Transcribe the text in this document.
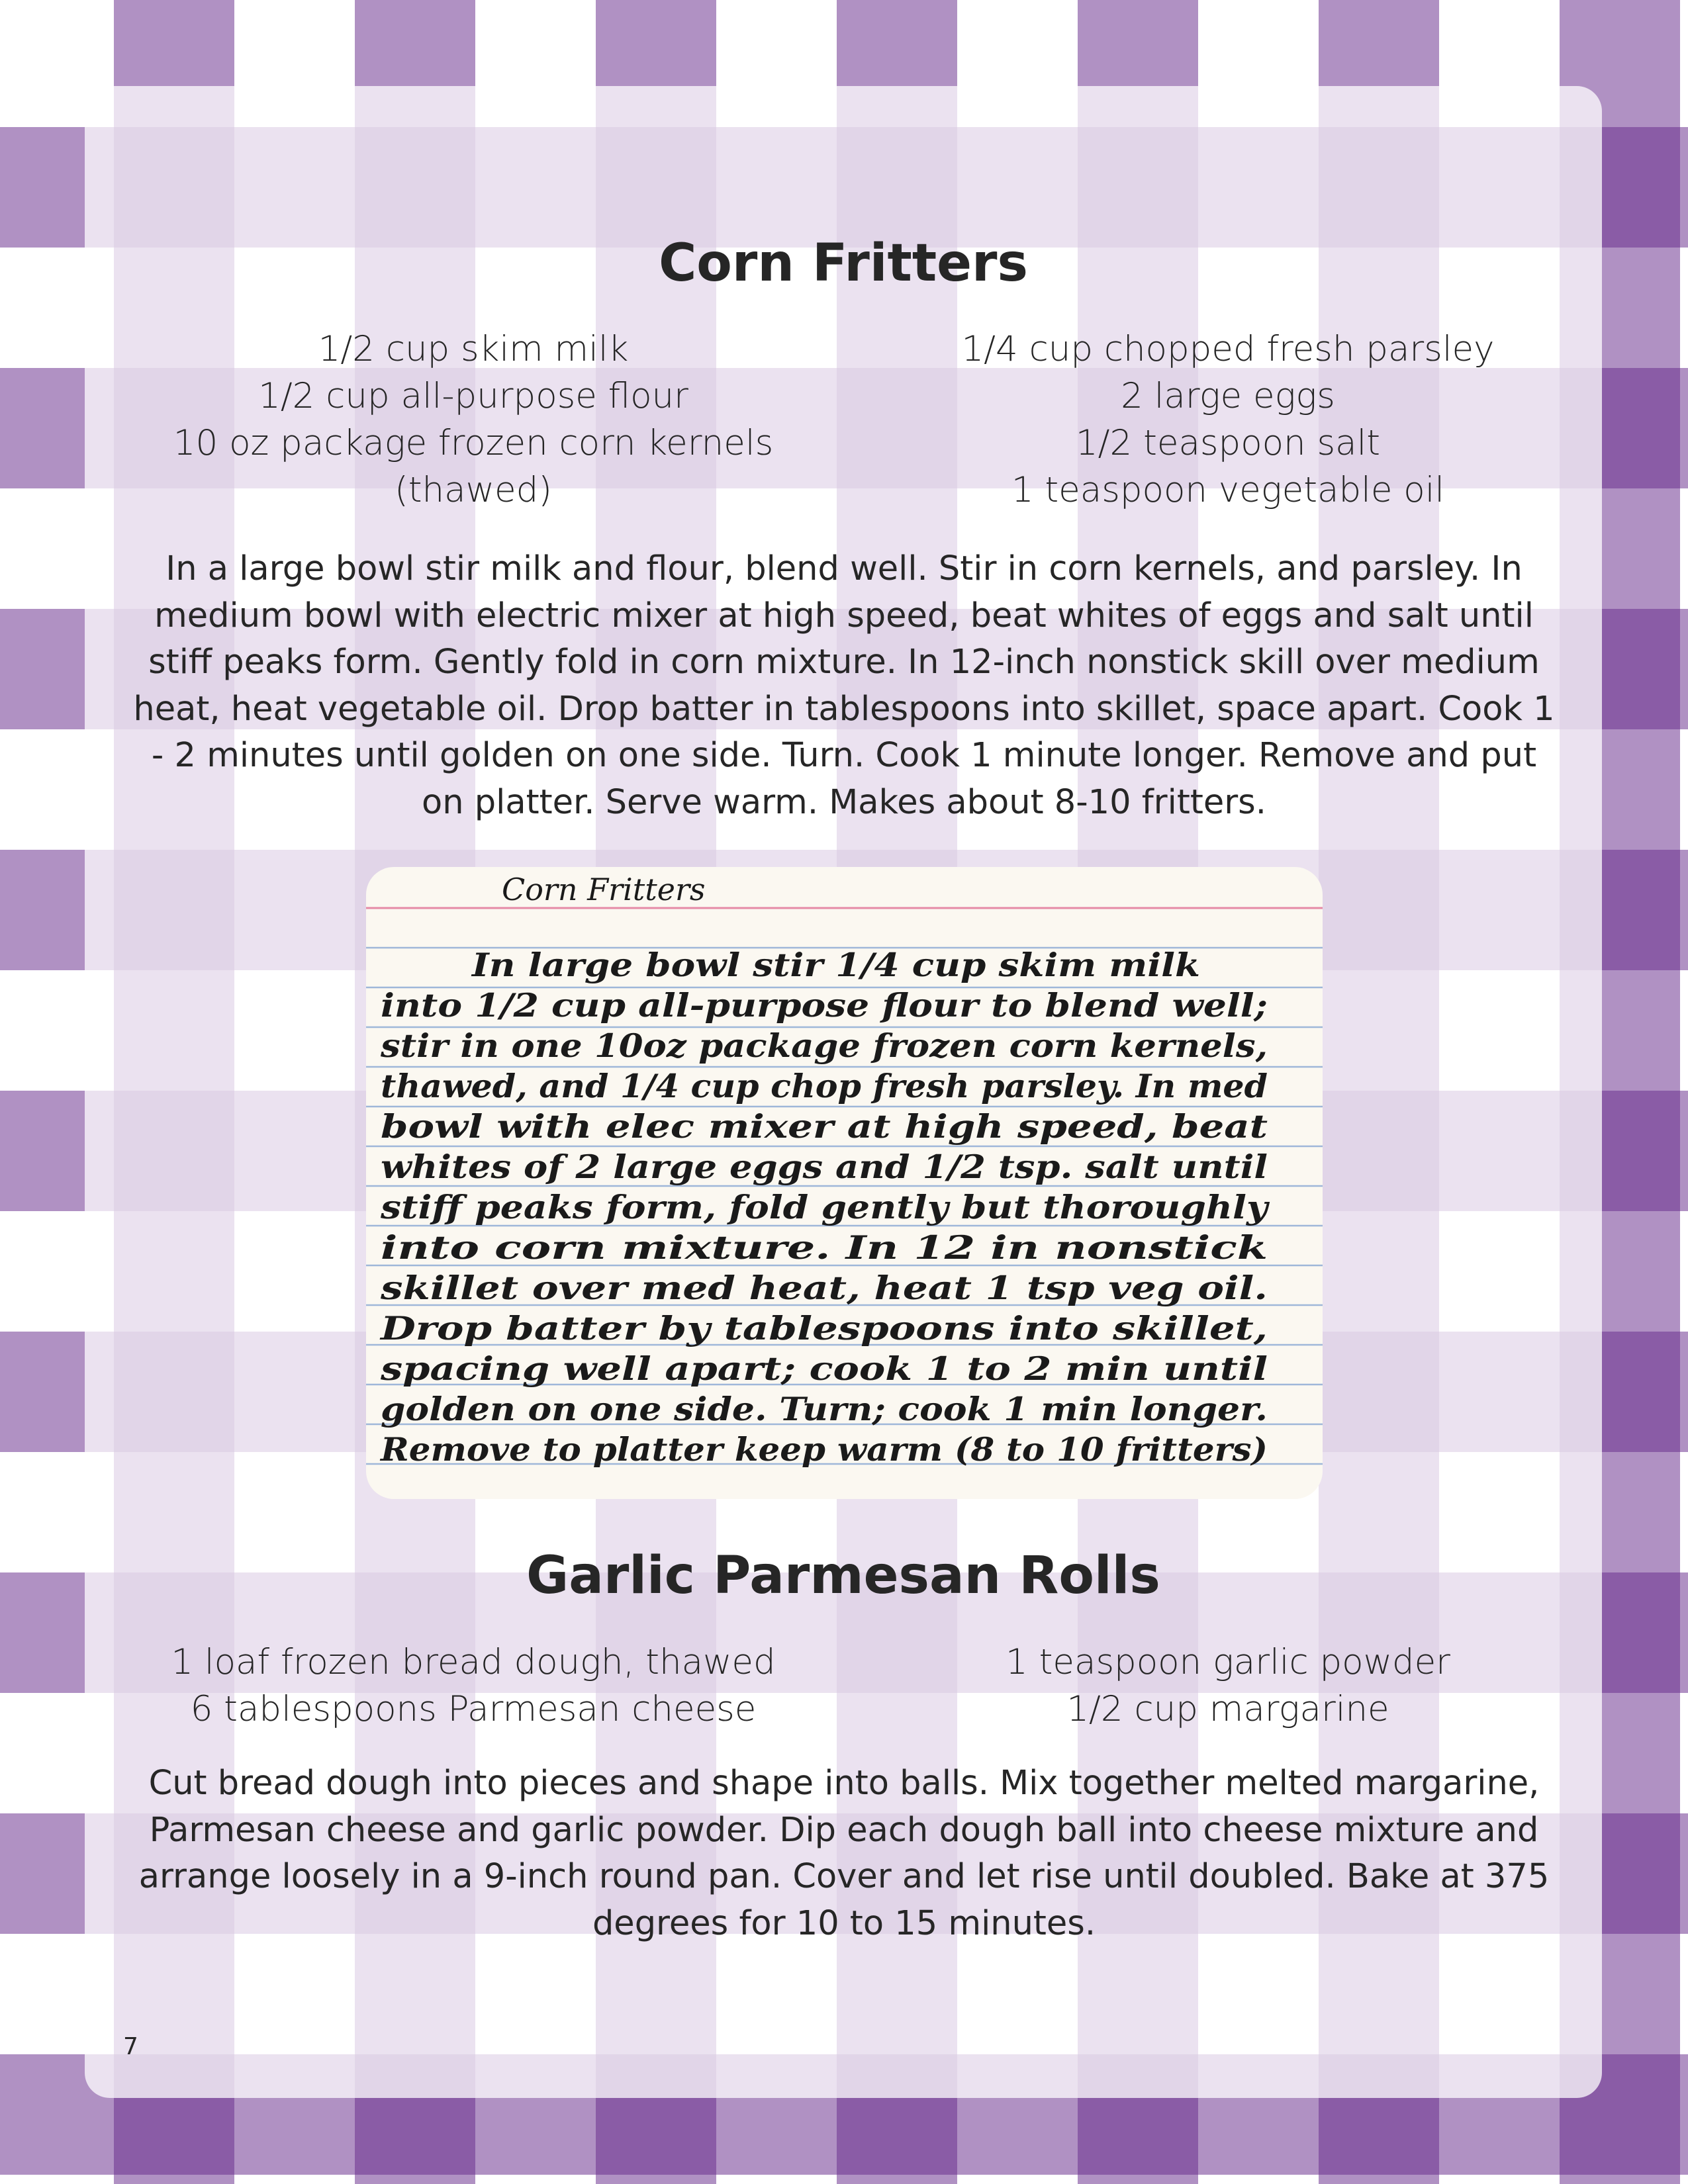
Corn Fritters
1/2 cup skim milk
1/2 cup all-purpose flour
10 oz package frozen corn kernels
(thawed)
1/4 cup chopped fresh parsley
2 large eggs
1/2 teaspoon salt
1 teaspoon vegetable oil

In a large bowl stir milk and flour, blend well. Stir in corn kernels, and parsley. In medium bowl with electric mixer at high speed, beat whites of eggs and salt until stiff peaks form. Gently fold in corn mixture. In 12-inch nonstick skill over medium heat, heat vegetable oil. Drop batter in tablespoons into skillet, space apart. Cook 1 - 2 minutes until golden on one side. Turn. Cook 1 minute longer. Remove and put on platter. Serve warm. Makes about 8-10 fritters.

Corn Fritters
In large bowl stir 1/4 cup skim milk
into 1/2 cup all-purpose flour to blend well;
stir in one 10oz package frozen corn kernels,
thawed, and 1/4 cup chop fresh parsley. In med
bowl with elec mixer at high speed, beat
whites of 2 large eggs and 1/2 tsp. salt until
stiff peaks form, fold gently but thoroughly
into corn mixture. In 12 in nonstick
skillet over med heat, heat 1 tsp veg oil.
Drop batter by tablespoons into skillet,
spacing well apart; cook 1 to 2 min until
golden on one side. Turn; cook 1 min longer.
Remove to platter keep warm (8 to 10 fritters)
Garlic Parmesan Rolls
1 loaf frozen bread dough, thawed
6 tablespoons Parmesan cheese
1 teaspoon garlic powder
1/2 cup margarine

Cut bread dough into pieces and shape into balls. Mix together melted margarine, Parmesan cheese and garlic powder. Dip each dough ball into cheese mixture and arrange loosely in a 9-inch round pan. Cover and let rise until doubled. Bake at 375 degrees for 10 to 15 minutes.

7
